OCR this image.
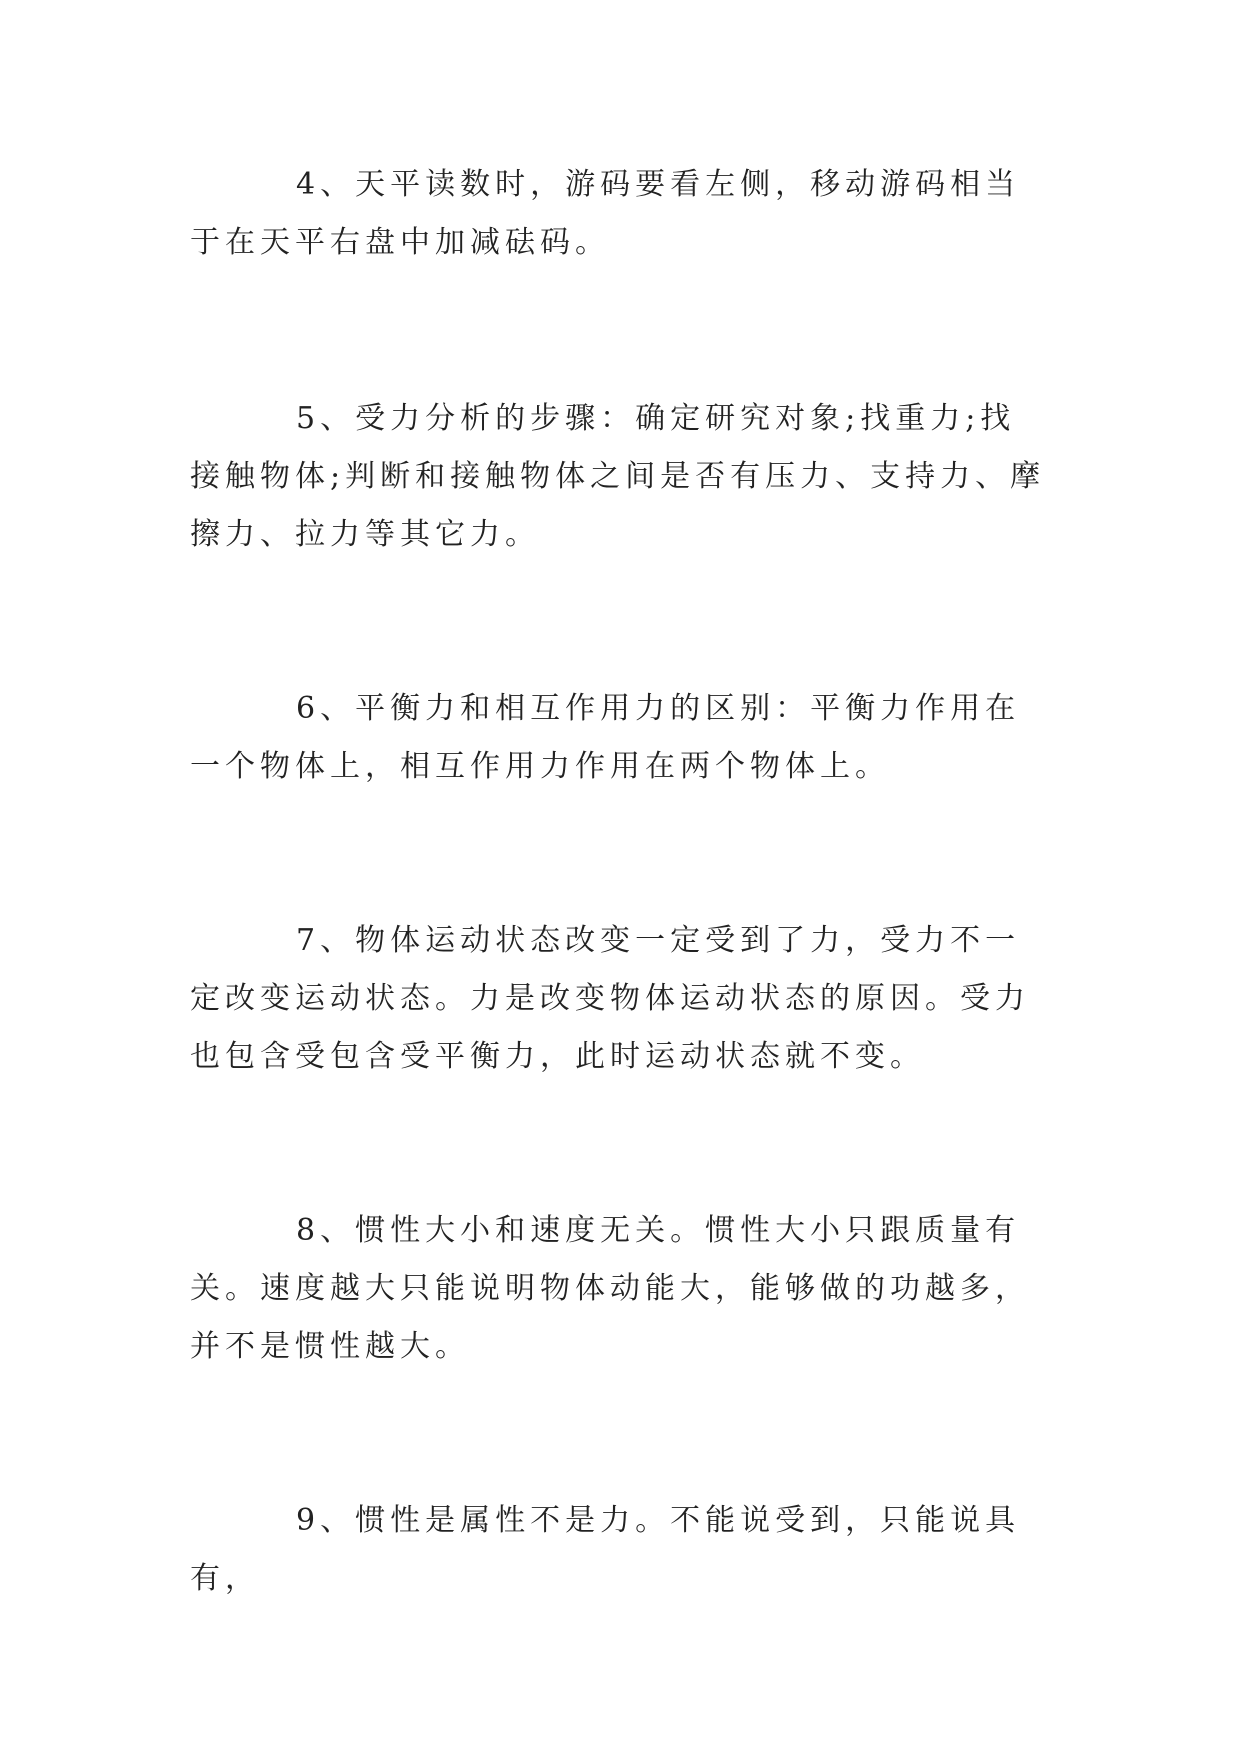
4、天平读数时，游码要看左侧，移动游码相当于在天平右盘中加减砝码。

5、受力分析的步骤：确定研究对象;找重力;找接触物体;判断和接触物体之间是否有压力、支持力、摩擦力、拉力等其它力。

6、平衡力和相互作用力的区别：平衡力作用在一个物体上，相互作用力作用在两个物体上。

7、物体运动状态改变一定受到了力，受力不一定改变运动状态。力是改变物体运动状态的原因。受力也包含受包含受平衡力，此时运动状态就不变。

8、惯性大小和速度无关。惯性大小只跟质量有关。速度越大只能说明物体动能大，能够做的功越多，并不是惯性越大。

9、惯性是属性不是力。不能说受到，只能说具有，
